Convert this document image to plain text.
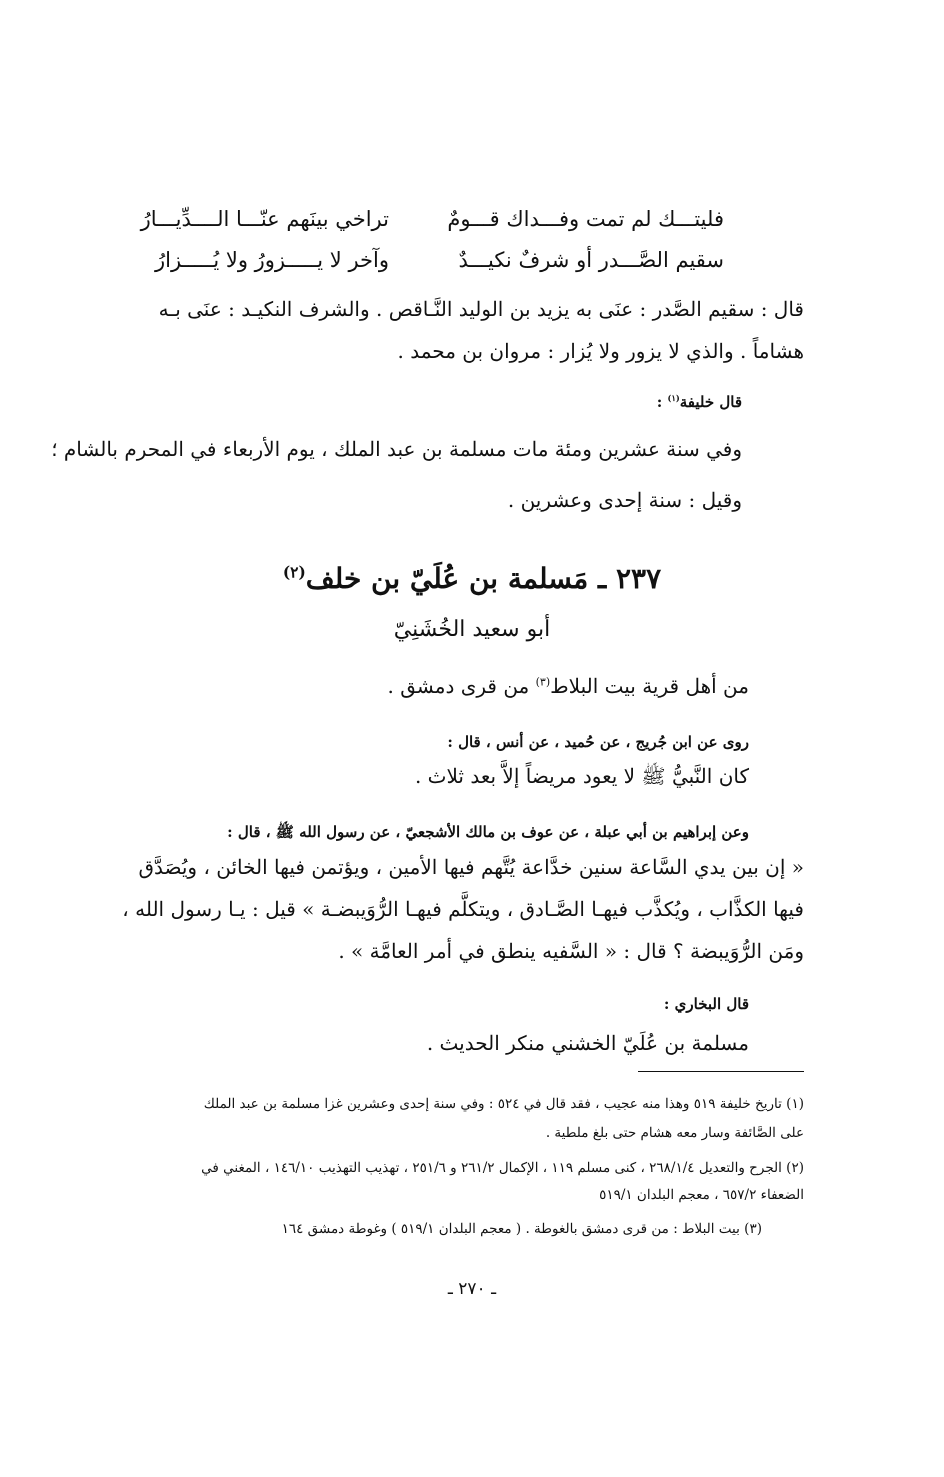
فليتـــك لم تمت وفـــداك قـــومٌ
تراخي بينَهم عنّـــا الــــدِّيـــارُ
سقيم الصَّـــدر أو شرفٌ نكيـــدٌ
وآخر لا يـــــزورُ ولا يُـــــزارُ
قال : سقيم الصَّدر : عنَى به يزيد بن الوليد النَّـاقص . والشرف النكيـد : عنَى بـه
هشاماً . والذي لا يزور ولا يُزار : مروان بن محمد .
قال خليفة$^{(١)}$ :
وفي سنة عشرين ومئة مات مسلمة بن عبد الملك ، يوم الأربعاء في المحرم بالشام ؛
وقيل : سنة إحدى وعشرين .
٢٣٧ ـ مَسلمة بن عُلَيّ بن خلف$^{(٢)}$
أبو سعيد الخُشَنِيّ
من أهل قرية بيت البلاط$^{(٣)}$ من قرى دمشق .
روى عن ابن جُريج ، عن حُميد ، عن أنس ، قال :
كان النَّبيُّ ﷺ لا يعود مريضاً إلاَّ بعد ثلاث .
وعن إبراهيم بن أبي عبلة ، عن عوف بن مالك الأشجعيّ ، عن رسول الله ﷺ ، قال :
« إن بين يدي السَّاعة سنين خدَّاعة يُتَّهم فيها الأمين ، ويؤتمن فيها الخائن ، ويُصَدَّق
فيها الكذَّاب ، ويُكذَّب فيهـا الصَّـادق ، ويتكلَّم فيهـا الرُّوَيبضـة » قيل : يـا رسول الله ،
ومَن الرُّوَيبضة ؟ قال : « السَّفيه ينطق في أمر العامَّة » .
قال البخاري :
مسلمة بن عُلَيّ الخشني منكر الحديث .
(١) تاريخ خليفة ٥١٩ وهذا منه عجيب ، فقد قال في ٥٢٤ : وفي سنة إحدى وعشرين غزا مسلمة بن عبد الملك
على الصَّائفة وسار معه هشام حتى بلغ ملطية .
(٢) الجرح والتعديل ٢٦٨/١/٤ ، كنى مسلم ١١٩ ، الإكمال ٢٦١/٢ و ٢٥١/٦ ، تهذيب التهذيب ١٤٦/١٠ ، المغني في
الضعفاء ٦٥٧/٢ ، معجم البلدان ٥١٩/١
(٣) بيت البلاط : من قرى دمشق بالغوطة . ( معجم البلدان ٥١٩/١ ) وغوطة دمشق ١٦٤
ـ ٢٧٠ ـ
